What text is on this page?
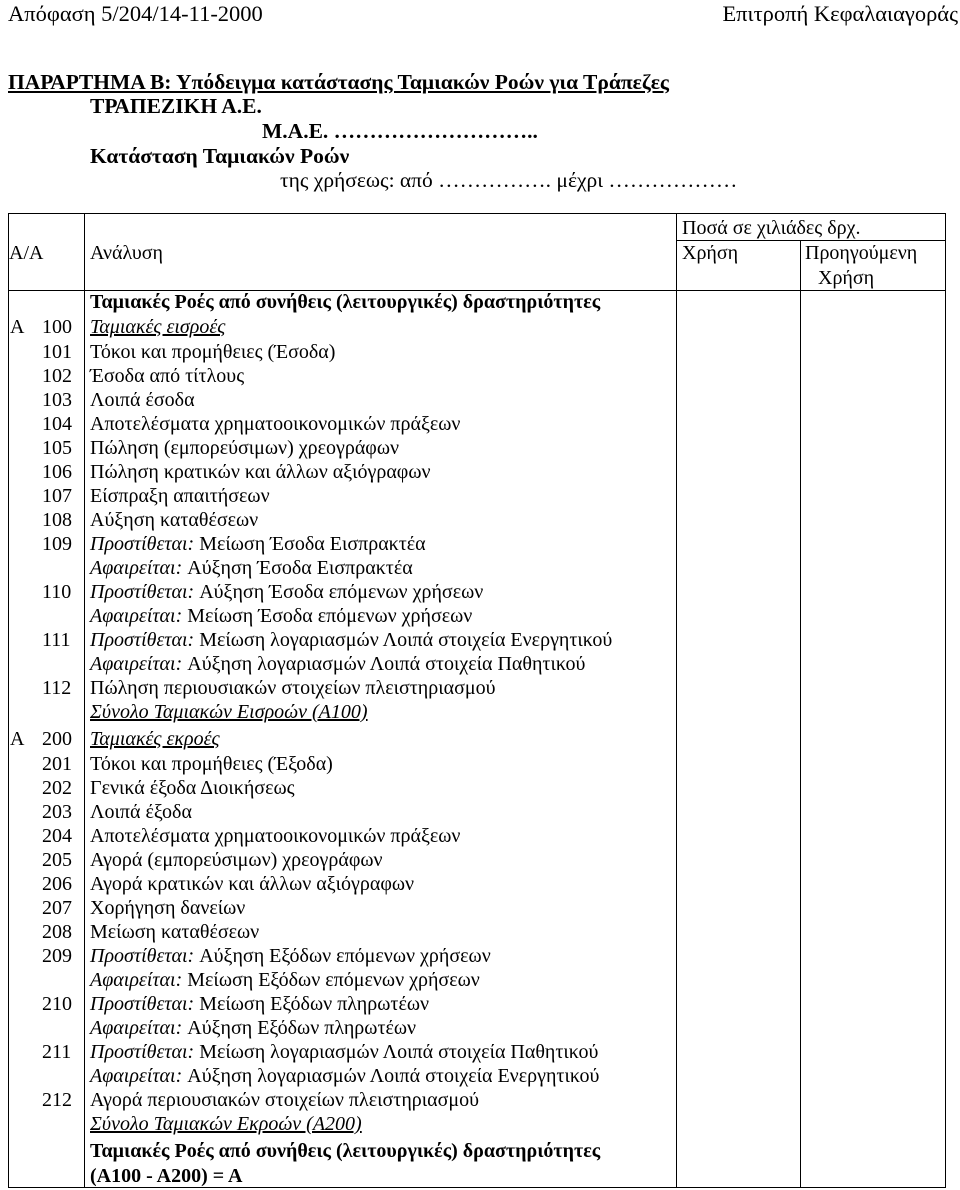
Απόφαση 5/204/14-11-2000	Επιτροπή Κεφαλαιαγοράς
ΠΑΡΑΡΤΗΜΑ Β: Υπόδειγμα κατάστασης Ταμιακών Ροών για Τράπεζες
ΤΡΑΠΕΖΙΚΗ Α.Ε.
Μ.Α.Ε. ………………………..
Κατάσταση Ταμιακών Ροών
της χρήσεως: από ……………. μέχρι ………………
Ποσά σε χιλιάδες δρχ.
Α/Α Ανάλυση	Χρήση	Προηγούμενη Χρήση
Ταμιακές Ροές από συνήθεις (λειτουργικές) δραστηριότητες
Α 100 Ταμιακές εισροές
101 Τόκοι και προμήθειες (Έσοδα)
102 Έσοδα από τίτλους
103 Λοιπά έσοδα
104 Αποτελέσματα χρηματοοικονομικών πράξεων
105 Πώληση (εμπορεύσιμων) χρεογράφων
106 Πώληση κρατικών και άλλων αξιόγραφων
107 Είσπραξη απαιτήσεων
108 Αύξηση καταθέσεων
109 Προστίθεται: Μείωση Έσοδα Εισπρακτέα
Αφαιρείται: Αύξηση Έσοδα Εισπρακτέα
110 Προστίθεται: Αύξηση Έσοδα επόμενων χρήσεων
Αφαιρείται: Μείωση Έσοδα επόμενων χρήσεων
111 Προστίθεται: Μείωση λογαριασμών Λοιπά στοιχεία Ενεργητικού
Αφαιρείται: Αύξηση λογαριασμών Λοιπά στοιχεία Παθητικού
112 Πώληση περιουσιακών στοιχείων πλειστηριασμού
Σύνολο Ταμιακών Εισροών (Α100)
Α 200 Ταμιακές εκροές
201 Τόκοι και προμήθειες (Έξοδα)
202 Γενικά έξοδα Διοικήσεως
203 Λοιπά έξοδα
204 Αποτελέσματα χρηματοοικονομικών πράξεων
205 Αγορά (εμπορεύσιμων) χρεογράφων
206 Αγορά κρατικών και άλλων αξιόγραφων
207 Χορήγηση δανείων
208 Μείωση καταθέσεων
209 Προστίθεται: Αύξηση Εξόδων επόμενων χρήσεων
Αφαιρείται: Μείωση Εξόδων επόμενων χρήσεων
210 Προστίθεται: Μείωση Εξόδων πληρωτέων
Αφαιρείται: Αύξηση Εξόδων πληρωτέων
211 Προστίθεται: Μείωση λογαριασμών Λοιπά στοιχεία Παθητικού
Αφαιρείται: Αύξηση λογαριασμών Λοιπά στοιχεία Ενεργητικού
212 Αγορά περιουσιακών στοιχείων πλειστηριασμού
Σύνολο Ταμιακών Εκροών (Α200)
Ταμιακές Ροές από συνήθεις (λειτουργικές) δραστηριότητες
(Α100 - Α200) = Α
